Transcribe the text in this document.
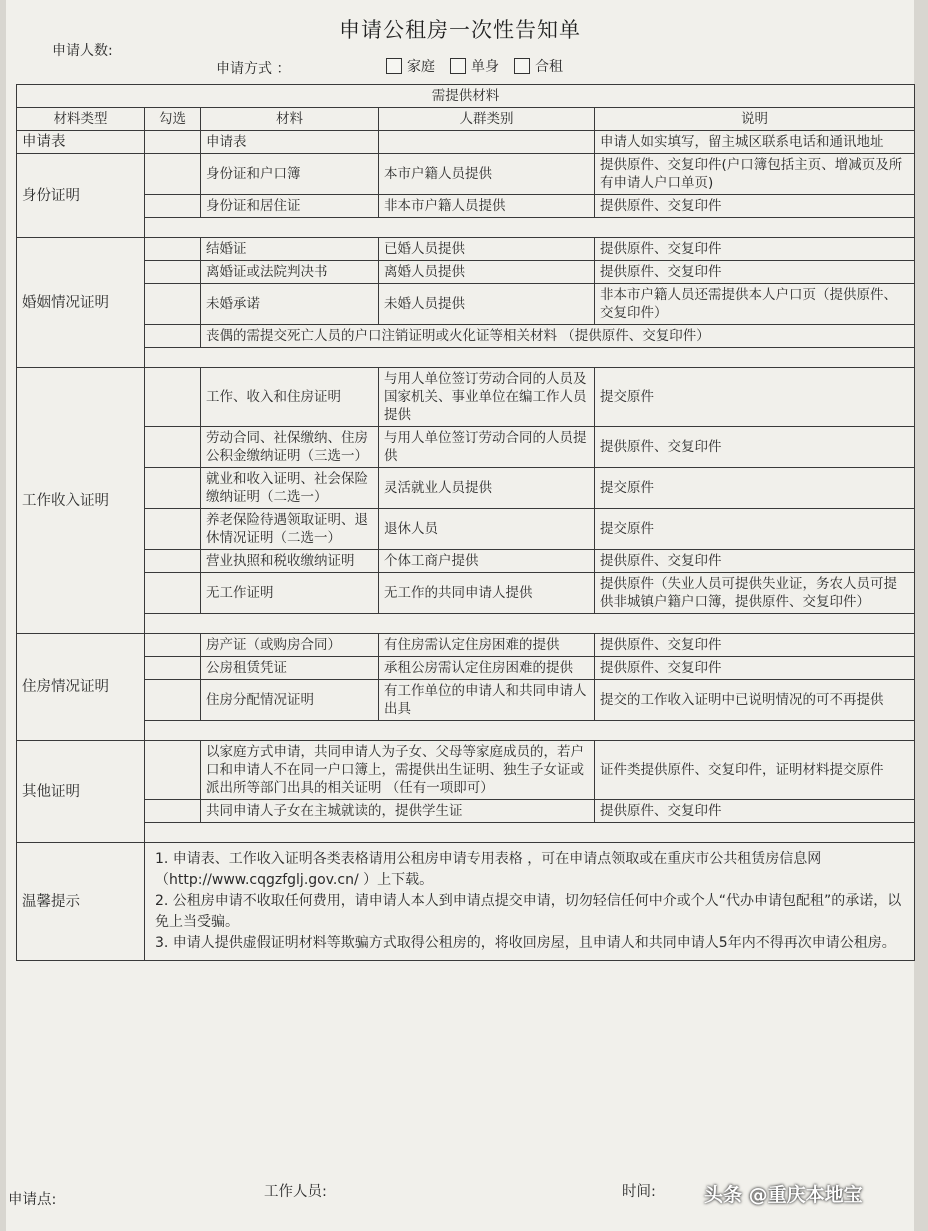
申请公租房一次性告知单
申请人数:
申请方式 ：	家庭	单身	合租
需提供材料				
材料类型	勾选	材料	人群类别	说明
申请表		申请表		申请人如实填写，留主城区联系电话和通讯地址
身份证明		身份证和户口簿	本市户籍人员提供	提供原件、交复印件(户口簿包括主页、增减页及所有申请人户口单页)
		身份证和居住证	非本市户籍人员提供	提供原件、交复印件

婚姻情况证明		结婚证	已婚人员提供	提供原件、交复印件
		离婚证或法院判决书	离婚人员提供	提供原件、交复印件
		未婚承诺	未婚人员提供	非本市户籍人员还需提供本人户口页（提供原件、交复印件）
		丧偶的需提交死亡人员的户口注销证明或火化证等相关材料 （提供原件、交复印件）		

工作收入证明		工作、收入和住房证明	与用人单位签订劳动合同的人员及国家机关、事业单位在编工作人员提供	提交原件
		劳动合同、社保缴纳、住房公积金缴纳证明（三选一）	与用人单位签订劳动合同的人员提供	提供原件、交复印件
		就业和收入证明、社会保险缴纳证明（二选一）	灵活就业人员提供	提交原件
		养老保险待遇领取证明、退休情况证明（二选一）	退休人员	提交原件
		营业执照和税收缴纳证明	个体工商户提供	提供原件、交复印件
		无工作证明	无工作的共同申请人提供	提供原件（失业人员可提供失业证，务农人员可提供非城镇户籍户口簿，提供原件、交复印件）

住房情况证明		房产证（或购房合同）	有住房需认定住房困难的提供	提供原件、交复印件
		公房租赁凭证	承租公房需认定住房困难的提供	提供原件、交复印件
		住房分配情况证明	有工作单位的申请人和共同申请人出具	提交的工作收入证明中已说明情况的可不再提供

其他证明		以家庭方式申请，共同申请人为子女、父母等家庭成员的，若户口和申请人不在同一户口簿上，需提供出生证明、独生子女证或派出所等部门出具的相关证明 （任有一项即可）		证件类提供原件、交复印件，证明材料提交原件
		共同申请人子女在主城就读的，提供学生证		提供原件、交复印件

温馨提示	1. 申请表、工作收入证明各类表格请用公租房申请专用表格 ，可在申请点领取或在重庆市公共租赁房信息网（http://www.cqgzfglj.gov.cn/ ）上下载。

2. 公租房申请不收取任何费用，请申请人本人到申请点提交申请，切勿轻信任何中介或个人“代办申请包配租”的承诺，以免上当受骗。

3. 申请人提供虚假证明材料等欺骗方式取得公租房的，将收回房屋，且申请人和共同申请人5年内不得再次申请公租房。			

申请点:	工作人员:	时间:	头条 @重庆本地宝
